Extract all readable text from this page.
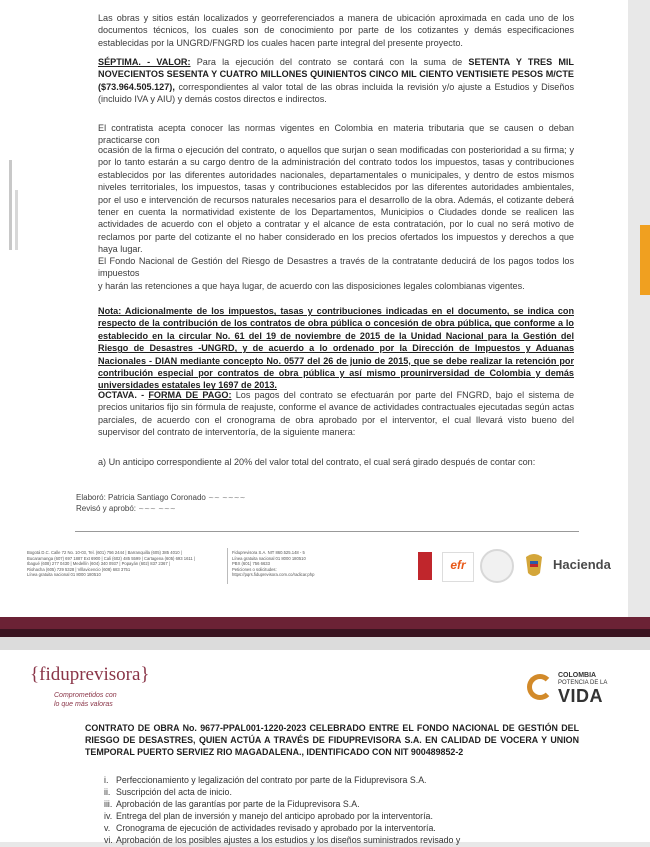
Las obras y sitios están localizados y georreferenciados a manera de ubicación aproximada en cada uno de los documentos técnicos, los cuales son de conocimiento por parte de los cotizantes y demás especificaciones establecidas por la UNGRD/FNGRD los cuales hacen parte integral del presente proyecto.

SÉPTIMA. - VALOR: Para la ejecución del contrato se contará con la suma de SETENTA Y TRES MIL NOVECIENTOS SESENTA Y CUATRO MILLONES QUINIENTOS CINCO MIL CIENTO VENTISIETE PESOS M/CTE ($73.964.505.127), correspondientes al valor total de las obras incluida la revisión y/o ajuste a Estudios y Diseños (incluido IVA y AIU) y demás costos directos e indirectos.

El contratista acepta conocer las normas vigentes en Colombia en materia tributaria que se causen o deban practicarse con

ocasión de la firma o ejecución del contrato, o aquellos que surjan o sean modificadas con posterioridad a su firma; y por lo tanto estarán a su cargo dentro de la administración del contrato todos los impuestos, tasas y contribuciones establecidos por las diferentes autoridades nacionales, departamentales o municipales, y dentro de estos mismos niveles territoriales, los impuestos, tasas y contribuciones establecidos por las diferentes autoridades ambientales, por el uso e intervención de recursos naturales necesarios para el desarrollo de la obra. Además, el cotizante deberá tener en cuenta la normatividad existente de los Departamentos, Municipios o Ciudades donde se realicen las actividades de acuerdo con el objeto a contratar y el alcance de esta contratación, por lo cual no será motivo de reclamos por parte del cotizante el no haber considerado en los precios ofertados los impuestos y derechos a que haya lugar.

El Fondo Nacional de Gestión del Riesgo de Desastres a través de la contratante deducirá de los pagos todos los impuestos

y harán las retenciones a que haya lugar, de acuerdo con las disposiciones legales colombianas vigentes.

Nota: Adicionalmente de los impuestos, tasas y contribuciones indicadas en el documento, se indica con respecto de la contribución de los contratos de obra pública o concesión de obra pública, que conforme a lo establecido en la circular No. 61 del 19 de noviembre de 2015 de la Unidad Nacional para la Gestión del Riesgo de Desastres -UNGRD, y de acuerdo a lo ordenado por la Dirección de Impuestos y Aduanas Nacionales - DIAN mediante concepto No. 0577 del 26 de junio de 2015, que se debe realizar la retención por contribución especial por contratos de obra pública y así mismo prounirversidad de Colombia y demás universidades estatales ley 1697 de 2013.

OCTAVA. - FORMA DE PAGO: Los pagos del contrato se efectuarán por parte del FNGRD, bajo el sistema de precios unitarios fijo sin fórmula de reajuste, conforme el avance de actividades contractuales ejecutadas según actas parciales, de acuerdo con el cronograma de obra aprobado por el interventor, el cual llevará visto bueno del supervisor del contrato de interventoría, de la siguiente manera:

a) Un anticipo correspondiente al 20% del valor total del contrato, el cual será girado después de contar con:

Elaboró: Patricia Santiago Coronado ~~ ~~~~
Revisó y aprobó: ~~~ ~~~
Bogotá D.C. Calle 72 No. 10-03, Tel. (601) 756 2444 | Barranquilla (605) 385 4010 |
Bucaramanga (607) 697 1887 Ext 6900 | Cali (602) 485 5599 | Cartagena (605) 693 1611 |
Ibagué (608) 277 0430 | Medellín (604) 340 0937 | Popayán (602) 837 2367 |
Riohacha (605) 729 5328 | Villavicencio (608) 683 3751
Línea gratuita nacional 01 8000 180510
Fiduprevisora S.A. NIT 860.525.148 - 5
Línea gratuita nacional 01 8000 180510
PBX (601) 756 6633
Peticiones o solicitudes:
https://pqrs.fiduprevisora.com.co/radicar.php
efr	Hacienda
{fiduprevisora}
Comprometidos con
lo que más valoras
COLOMBIA
POTENCIA DE LA
VIDA

CONTRATO DE OBRA No. 9677-PPAL001-1220-2023 CELEBRADO ENTRE EL FONDO NACIONAL DE GESTIÓN DEL RIESGO DE DESASTRES, QUIEN ACTÚA A TRAVÉS DE FIDUPREVISORA S.A. EN CALIDAD DE VOCERA Y UNION TEMPORAL PUERTO SERVIEZ RIO MAGADALENA., IDENTIFICADO CON NIT 900489852-2

i. Perfeccionamiento y legalización del contrato por parte de la Fiduprevisora S.A.
ii. Suscripción del acta de inicio.
iii. Aprobación de las garantías por parte de la Fiduprevisora S.A.
iv. Entrega del plan de inversión y manejo del anticipo aprobado por la interventoría.
v. Cronograma de ejecución de actividades revisado y aprobado por la interventoría.
vi. Aprobación de los posibles ajustes a los estudios y los diseños suministrados revisado y
